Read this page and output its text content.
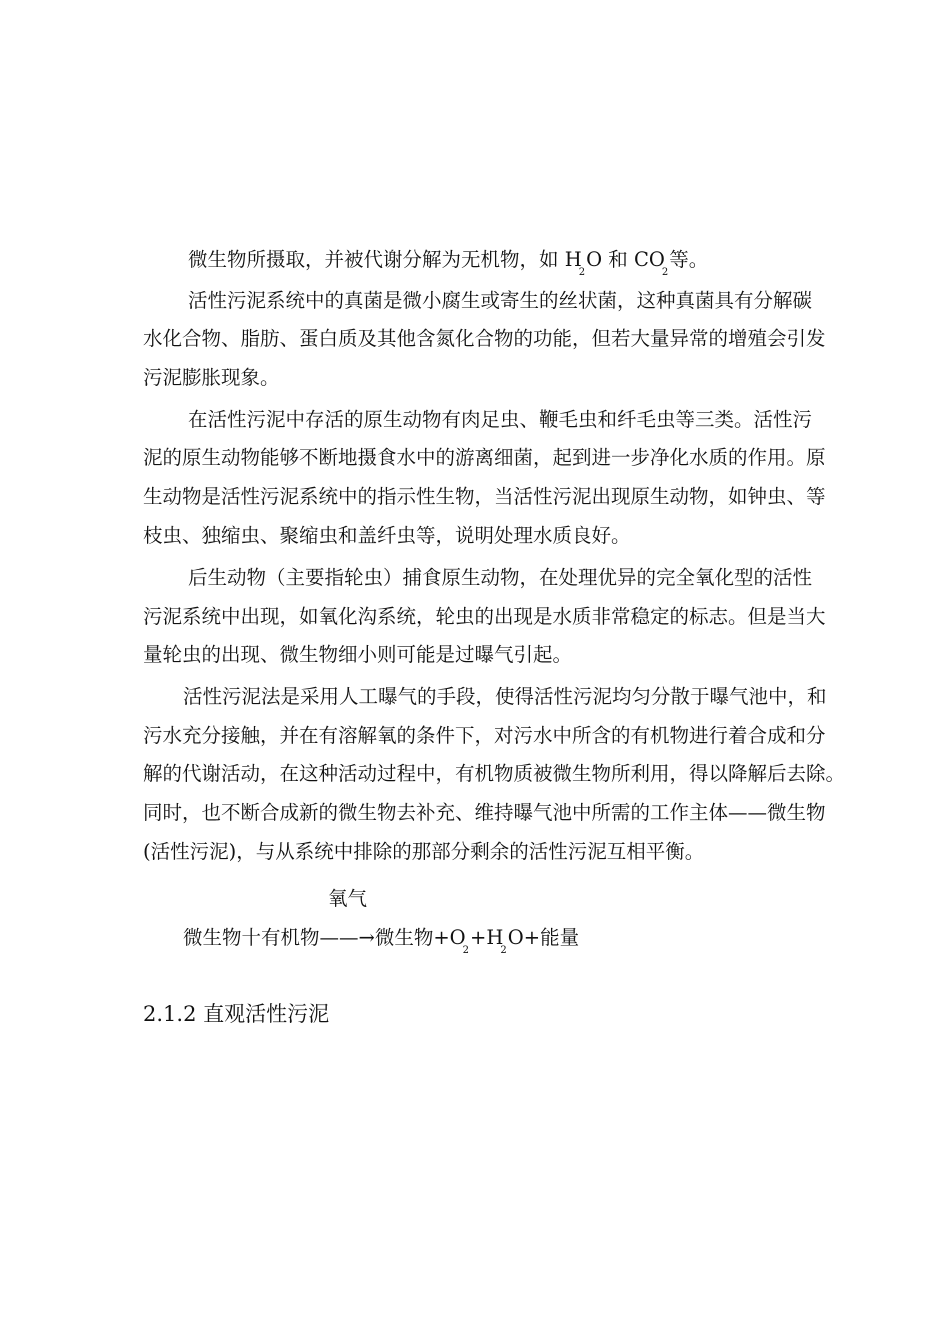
微生物所摄取，并被代谢分解为无机物，如 $H_2O$ 和 $CO_2$等。
活性污泥系统中的真菌是微小腐生或寄生的丝状菌，这种真菌具有分解碳
水化合物、脂肪、蛋白质及其他含氮化合物的功能，但若大量异常的增殖会引发
污泥膨胀现象。
在活性污泥中存活的原生动物有肉足虫、鞭毛虫和纤毛虫等三类。活性污
泥的原生动物能够不断地摄食水中的游离细菌，起到进一步净化水质的作用。原
生动物是活性污泥系统中的指示性生物，当活性污泥出现原生动物，如钟虫、等
枝虫、独缩虫、聚缩虫和盖纤虫等，说明处理水质良好。
后生动物（主要指轮虫）捕食原生动物，在处理优异的完全氧化型的活性
污泥系统中出现，如氧化沟系统，轮虫的出现是水质非常稳定的标志。但是当大
量轮虫的出现、微生物细小则可能是过曝气引起。
活性污泥法是采用人工曝气的手段，使得活性污泥均匀分散于曝气池中，和
污水充分接触，并在有溶解氧的条件下，对污水中所含的有机物进行着合成和分
解的代谢活动，在这种活动过程中，有机物质被微生物所利用，得以降解后去除。
同时，也不断合成新的微生物去补充、维持曝气池中所需的工作主体——微生物
(活性污泥)，与从系统中排除的那部分剩余的活性污泥互相平衡。
氧气
微生物十有机物——→微生物$+O_2+H_2O+$能量
2.1.2 直观活性污泥
